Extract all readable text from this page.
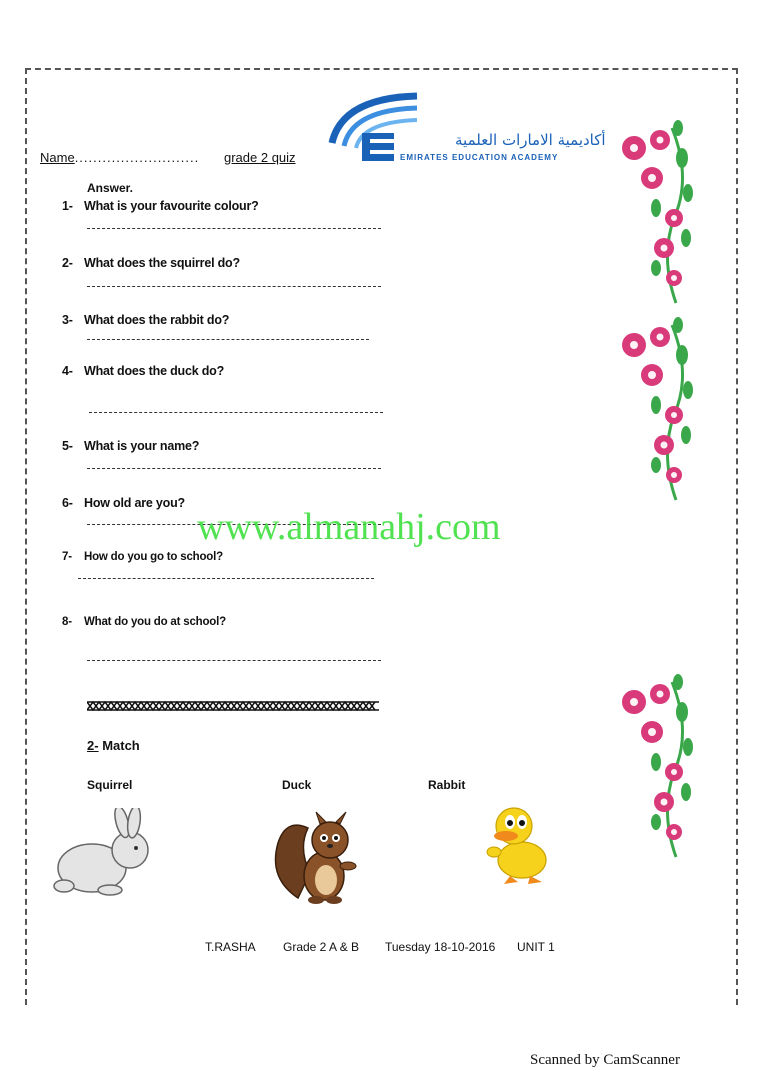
أكاديمية الامارات العلمية
EMIRATES EDUCATION ACADEMY
Name........................... grade 2 quiz
Answer.
1- What is your favourite colour?
2- What does the squirrel do?
3- What does the rabbit do?
4- What does the duck do?
5- What is your name?
6- How old are you?
www.almanahj.com
7- How do you go to school?
8- What do you do at school?
2- Match
Squirrel	Duck	Rabbit
T.RASHA Grade 2 A & B Tuesday 18-10-2016 UNIT 1
Scanned by CamScanner
